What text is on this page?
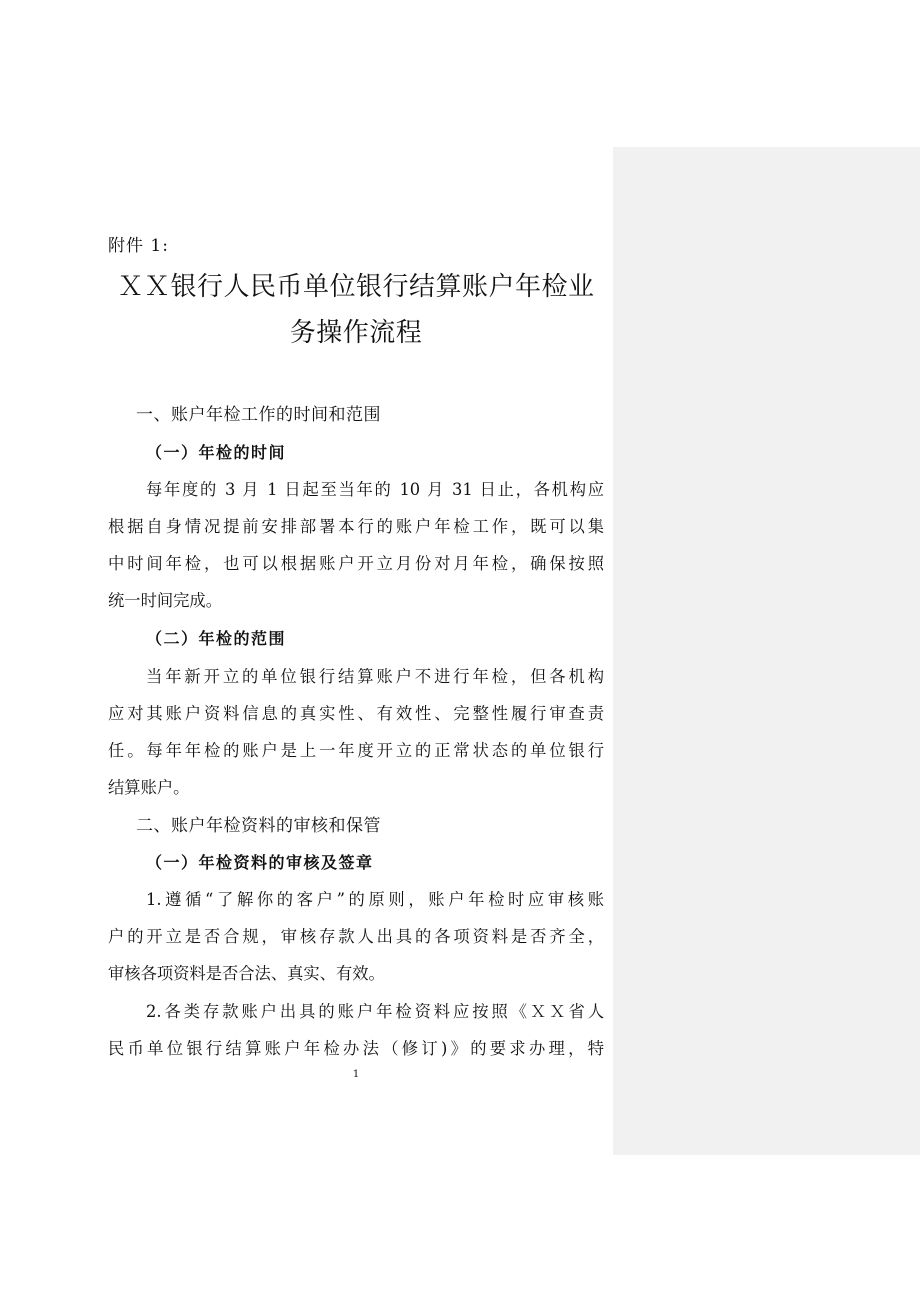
附件 1:
ＸＸ银行人民币单位银行结算账户年检业
务操作流程
一、账户年检工作的时间和范围
（一）年检的时间
每年度的 3 月 1 日起至当年的 10 月 31 日止，各机构应
根据自身情况提前安排部署本行的账户年检工作，既可以集
中时间年检，也可以根据账户开立月份对月年检，确保按照
统一时间完成。
（二）年检的范围
当年新开立的单位银行结算账户不进行年检，但各机构
应对其账户资料信息的真实性、有效性、完整性履行审查责
任。每年年检的账户是上一年度开立的正常状态的单位银行
结算账户。
二、账户年检资料的审核和保管
（一）年检资料的审核及签章
1.遵循“了解你的客户”的原则，账户年检时应审核账
户的开立是否合规，审核存款人出具的各项资料是否齐全，
审核各项资料是否合法、真实、有效。
2.各类存款账户出具的账户年检资料应按照《ＸＸ省人
民币单位银行结算账户年检办法（修订)》的要求办理，特
1
